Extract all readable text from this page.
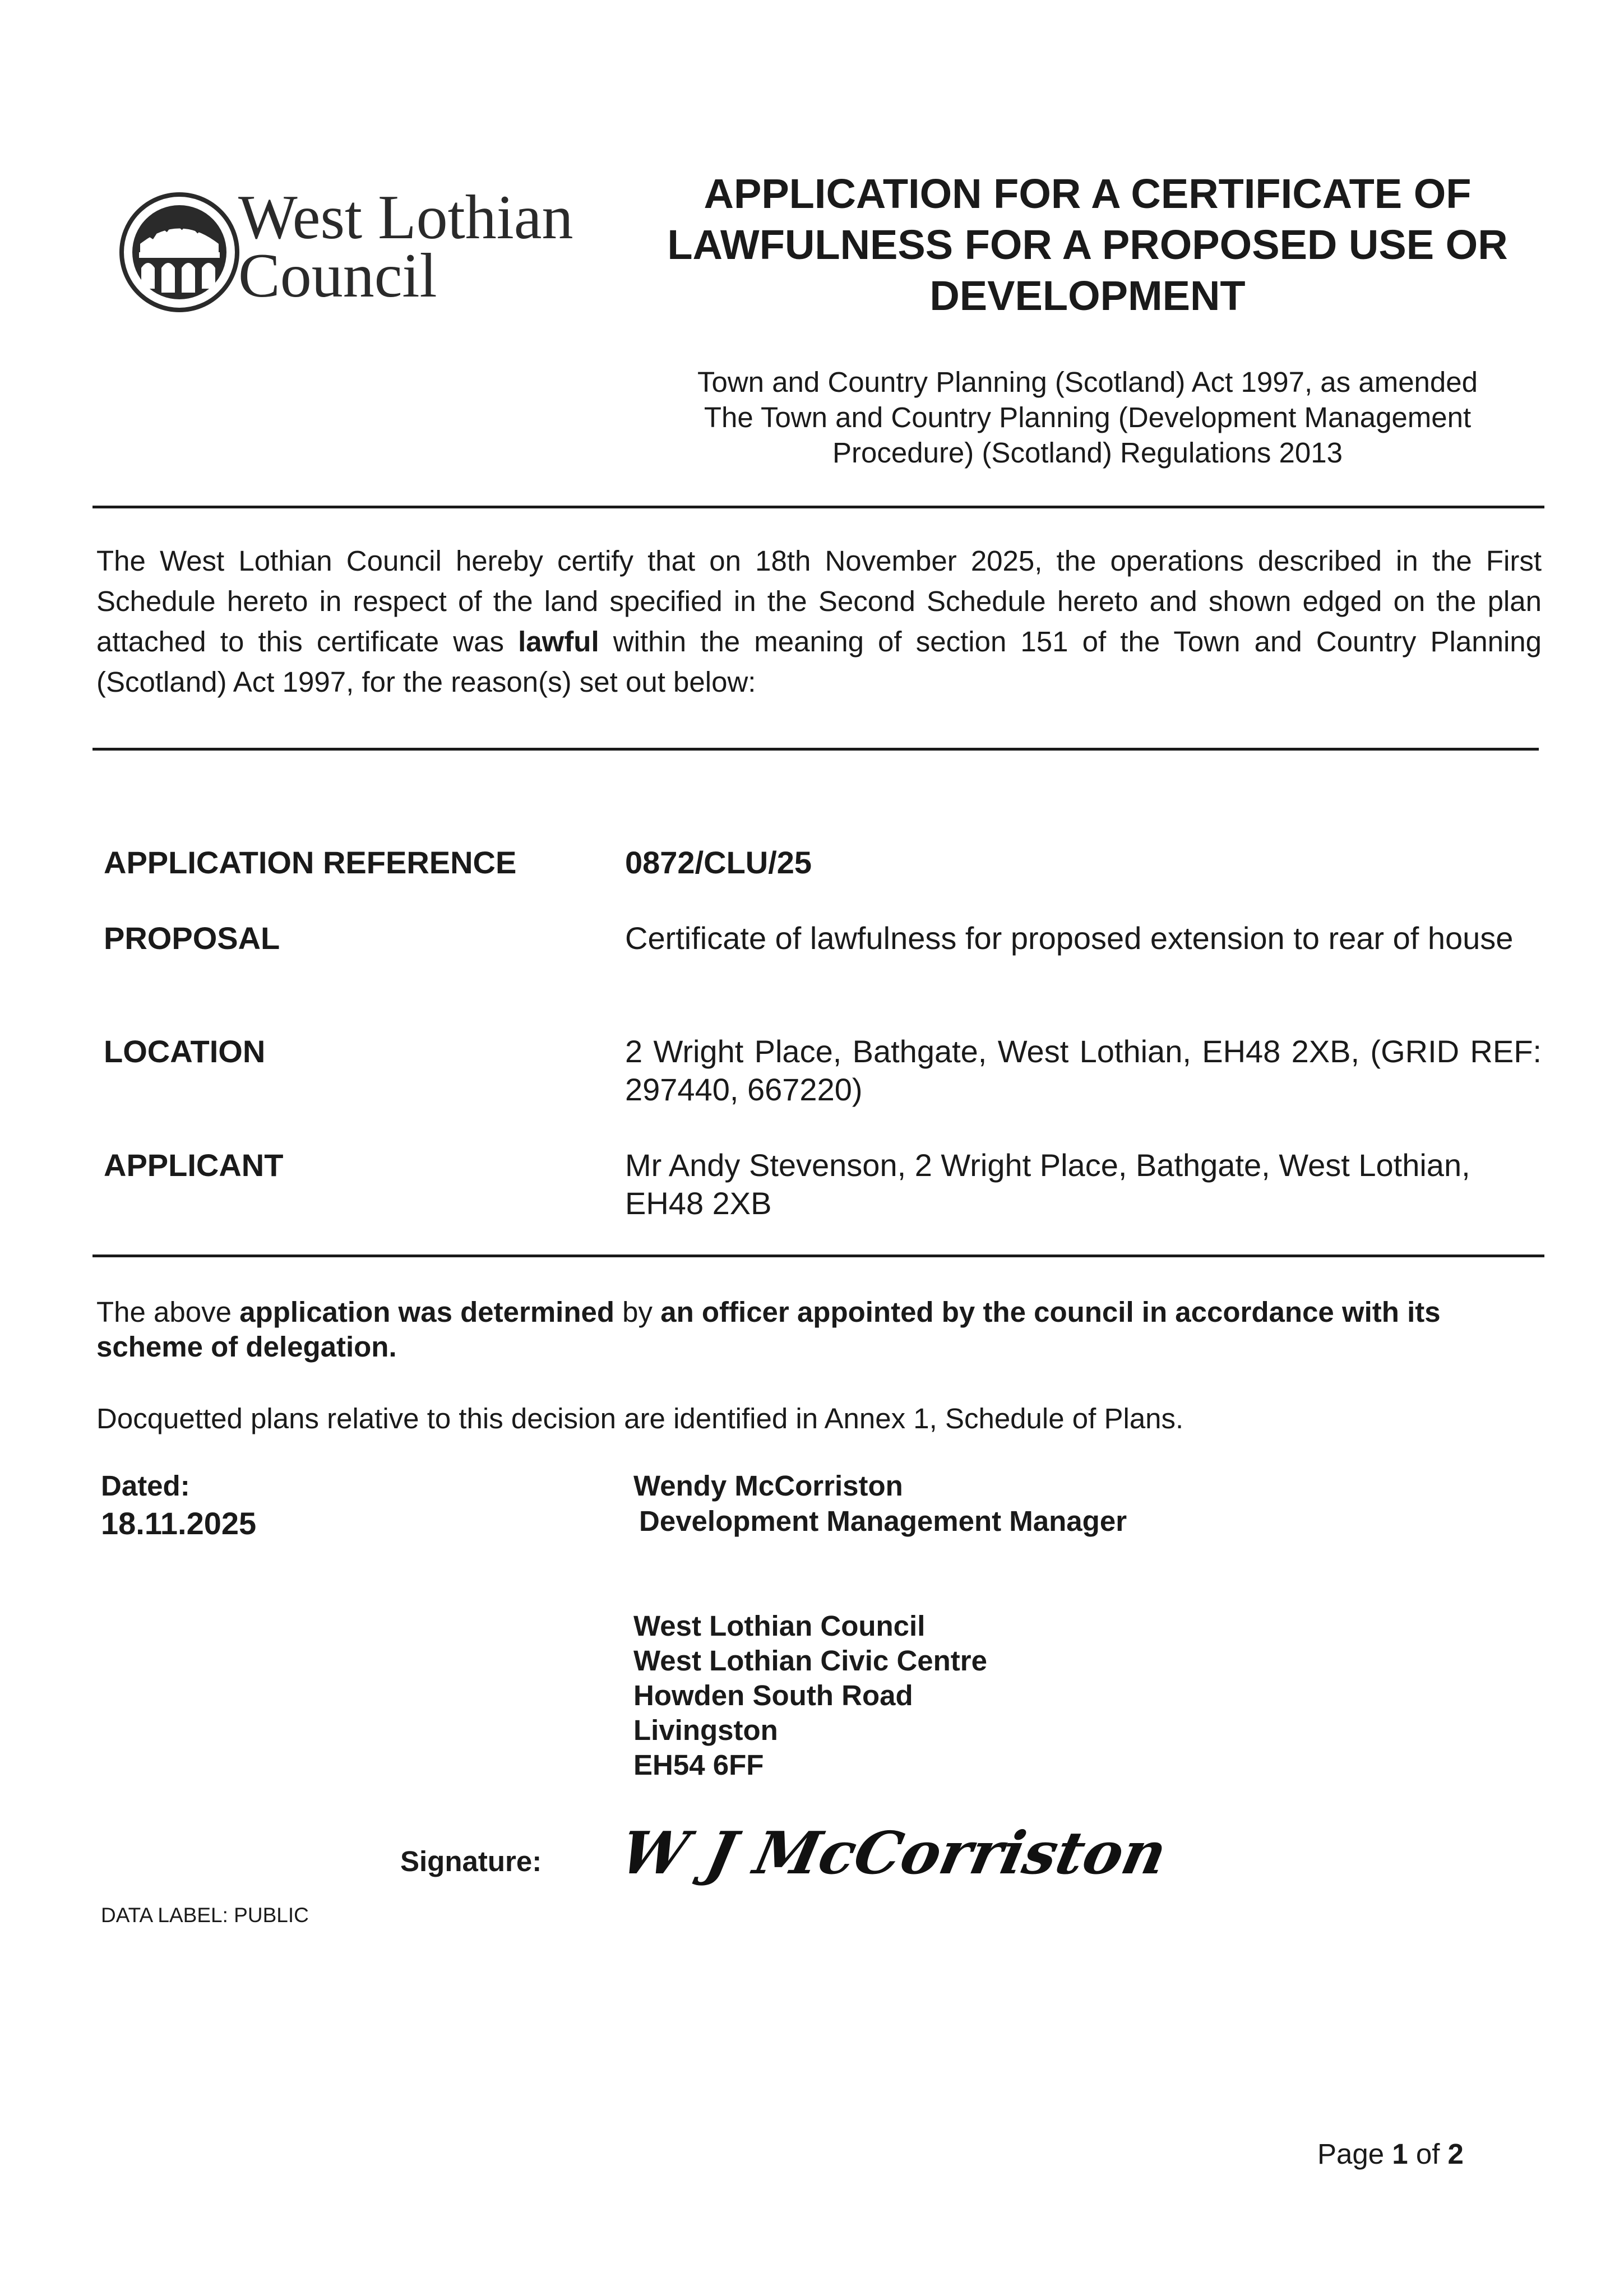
West Lothian
Council
APPLICATION FOR A CERTIFICATE OF
LAWFULNESS FOR A PROPOSED USE OR
DEVELOPMENT
Town and Country Planning (Scotland) Act 1997, as amended
The Town and Country Planning (Development Management
Procedure) (Scotland) Regulations 2013
The West Lothian Council hereby certify that on 18th November 2025, the operations described in the First Schedule hereto in respect of the land specified in the Second Schedule hereto and shown edged on the plan attached to this certificate was lawful within the meaning of section 151 of the Town and Country Planning (Scotland) Act 1997, for the reason(s) set out below:
APPLICATION REFERENCE	0872/CLU/25
PROPOSAL	Certificate of lawfulness for proposed extension to rear of house
LOCATION	2 Wright Place, Bathgate, West Lothian, EH48 2XB, (GRID REF: 297440, 667220)
APPLICANT	Mr Andy Stevenson, 2 Wright Place, Bathgate, West Lothian,
EH48 2XB
The above application was determined by an officer appointed by the council in accordance with its scheme of delegation.
Docquetted plans relative to this decision are identified in Annex 1, Schedule of Plans.
Dated:
18.11.2025
Wendy McCorriston
Development Management Manager
West Lothian Council
West Lothian Civic Centre
Howden South Road
Livingston
EH54 6FF
Signature: W J McCorriston
DATA LABEL: PUBLIC
Page 1 of 2
